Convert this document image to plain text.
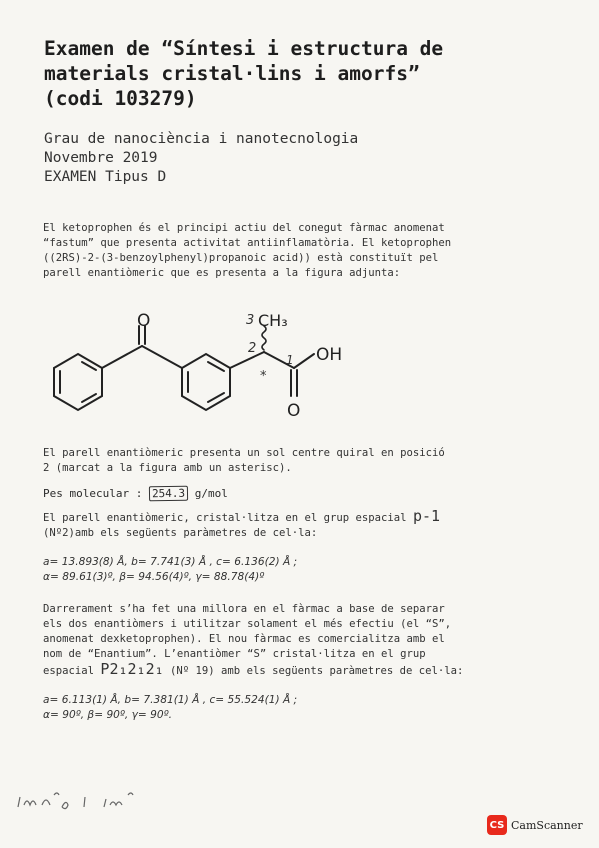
Examen de “Síntesi i estructura de
materials cristal·lins i amorfs”
(codi 103279)
Grau de nanociència i nanotecnologia
Novembre 2019
EXAMEN Tipus D
El ketoprophen és el principi actiu del conegut fàrmac anomenat
“fastum” que presenta activitat antiinflamatòria. El ketoprophen
((2RS)-2-(3-benzoylphenyl)propanoic acid)) està constituït pel
parell enantiòmeric que es presenta a la figura adjunta:
O	CH₃
OH
O
3
2
1
*
El parell enantiòmeric presenta un sol centre quiral en posició
2 (marcat a la figura amb un asterisc).
Pes molecular : 254.3 g/mol
El parell enantiòmeric, cristal·litza en el grup espacial p-1
(Nº2)amb els següents paràmetres de cel·la:
a= 13.893(8) Å, b= 7.741(3) Å , c= 6.136(2) Å ;
α= 89.61(3)º, β= 94.56(4)º, γ= 88.78(4)º
Darrerament s’ha fet una millora en el fàrmac a base de separar
els dos enantiòmers i utilitzar solament el més efectiu (el “S”,
anomenat dexketoprophen). El nou fàrmac es comercialitza amb el
nom de “Enantium”. L’enantiòmer “S” cristal·litza en el grup
espacial P2₁2₁2₁ (Nº 19) amb els següents paràmetres de cel·la:
a= 6.113(1) Å, b= 7.381(1) Å , c= 55.524(1) Å ;
α= 90º, β= 90º, γ= 90º.
CS CamScanner
